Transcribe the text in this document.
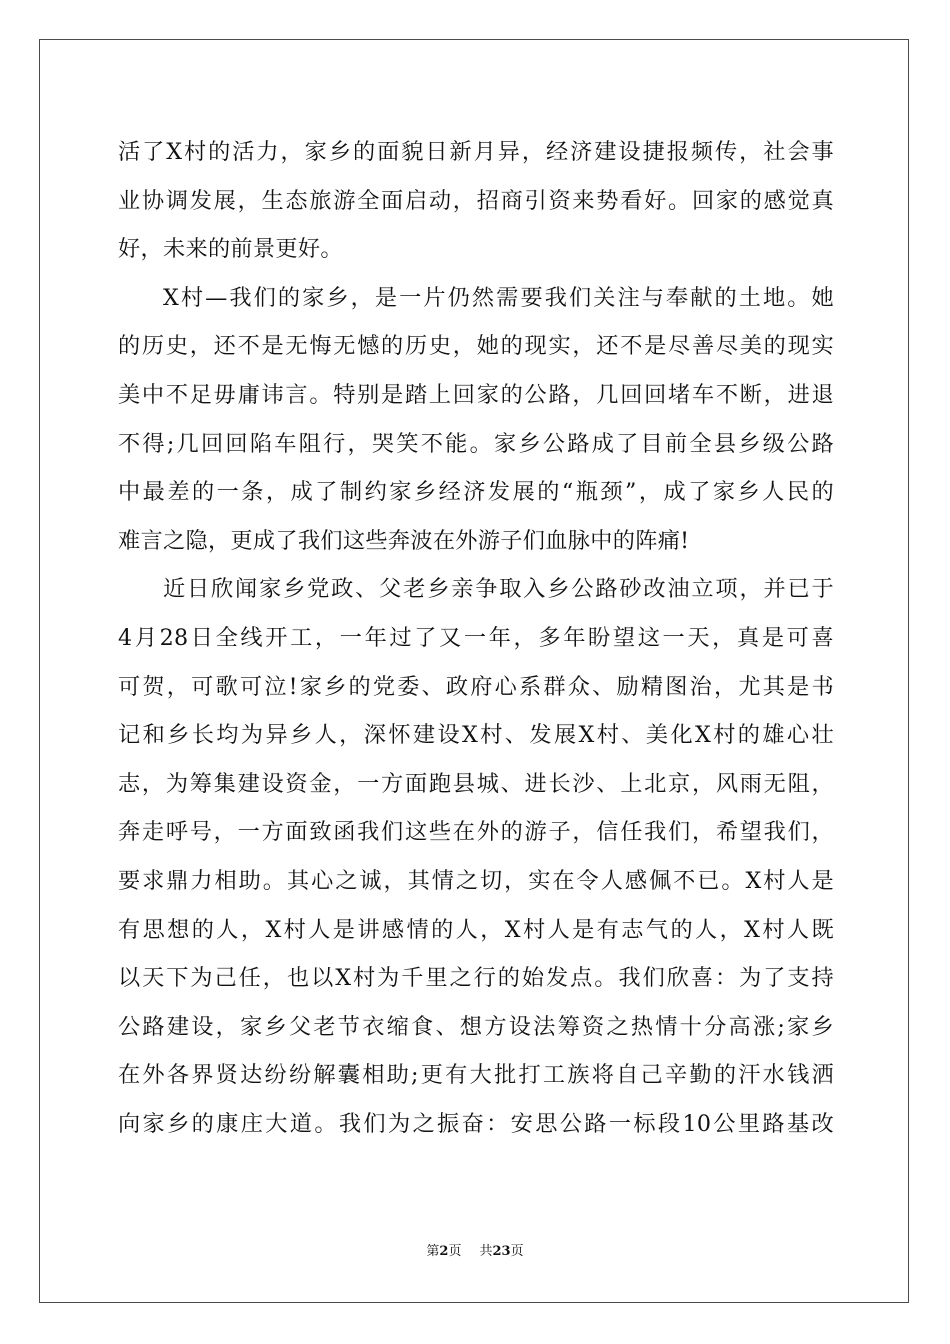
活了X村的活力，家乡的面貌日新月异，经济建设捷报频传，社会事
业协调发展，生态旅游全面启动，招商引资来势看好。回家的感觉真
好，未来的前景更好。
X村—我们的家乡，是一片仍然需要我们关注与奉献的土地。她
的历史，还不是无悔无憾的历史，她的现实，还不是尽善尽美的现实
美中不足毋庸讳言。特别是踏上回家的公路，几回回堵车不断，进退
不得;几回回陷车阻行，哭笑不能。家乡公路成了目前全县乡级公路
中最差的一条，成了制约家乡经济发展的“瓶颈”，成了家乡人民的
难言之隐，更成了我们这些奔波在外游子们血脉中的阵痛!
近日欣闻家乡党政、父老乡亲争取入乡公路砂改油立项，并已于
4月28日全线开工，一年过了又一年，多年盼望这一天，真是可喜
可贺，可歌可泣!家乡的党委、政府心系群众、励精图治，尤其是书
记和乡长均为异乡人，深怀建设X村、发展X村、美化X村的雄心壮
志，为筹集建设资金，一方面跑县城、进长沙、上北京，风雨无阻，
奔走呼号，一方面致函我们这些在外的游子，信任我们，希望我们，
要求鼎力相助。其心之诚，其情之切，实在令人感佩不已。X村人是
有思想的人，X村人是讲感情的人，X村人是有志气的人，X村人既
以天下为己任，也以X村为千里之行的始发点。我们欣喜：为了支持
公路建设，家乡父老节衣缩食、想方设法筹资之热情十分高涨;家乡
在外各界贤达纷纷解囊相助;更有大批打工族将自己辛勤的汗水钱洒
向家乡的康庄大道。我们为之振奋：安思公路一标段10公里路基改
第2页 共23页
